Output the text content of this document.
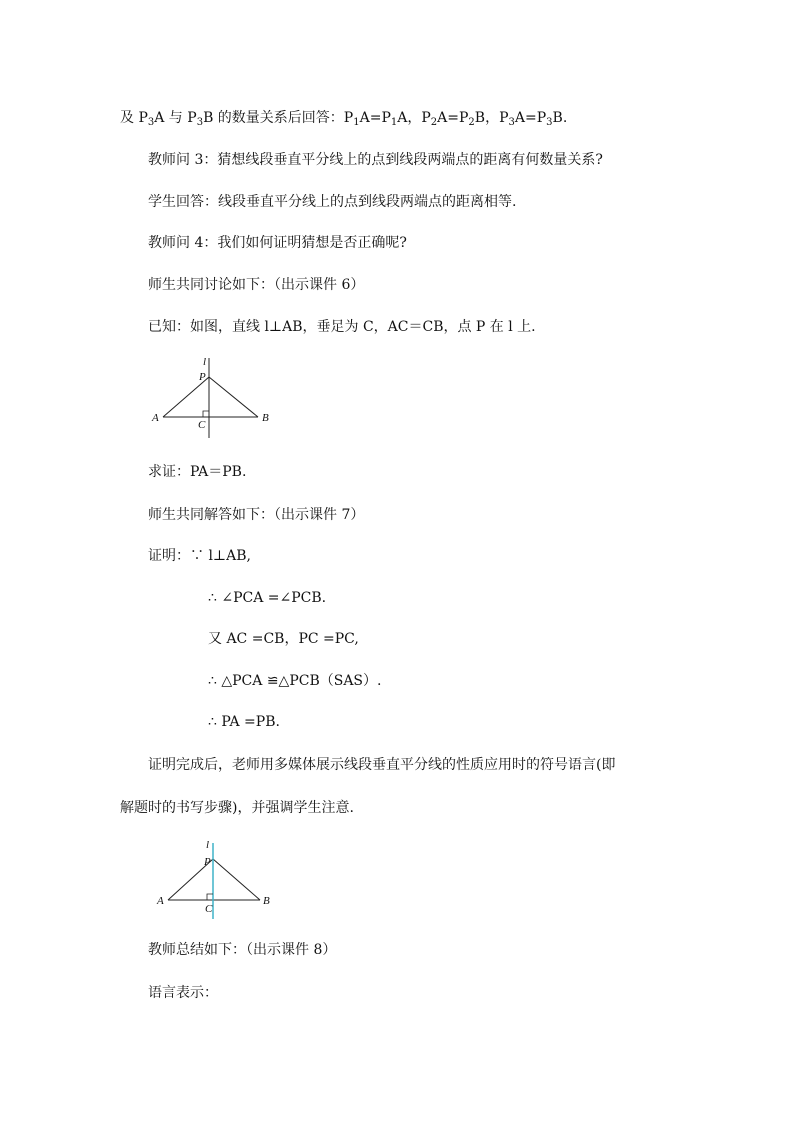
及 $P_3A$ 与 $P_3B$ 的数量关系后回答：$P_1A=P_1A$，$P_2A=P_2B$，$P_3A=P_3B$.
教师问 3：猜想线段垂直平分线上的点到线段两端点的距离有何数量关系?
学生回答：线段垂直平分线上的点到线段两端点的距离相等.
教师问 4：我们如何证明猜想是否正确呢?
师生共同讨论如下：（出示课件 6）
已知：如图，直线 l⊥AB，垂足为 C，AC＝CB，点 P 在 l 上.
l
P
A	B
C
求证：PA＝PB.
师生共同解答如下：（出示课件 7）
证明：∵ l⊥AB,
∴ ∠PCA =∠PCB.
又 AC =CB，PC =PC,
∴ △PCA ≌△PCB（SAS）.
∴ PA =PB.
证明完成后，老师用多媒体展示线段垂直平分线的性质应用时的符号语言(即
解题时的书写步骤)，并强调学生注意.
l
P
A	B
C
教师总结如下：（出示课件 8）
语言表示：
